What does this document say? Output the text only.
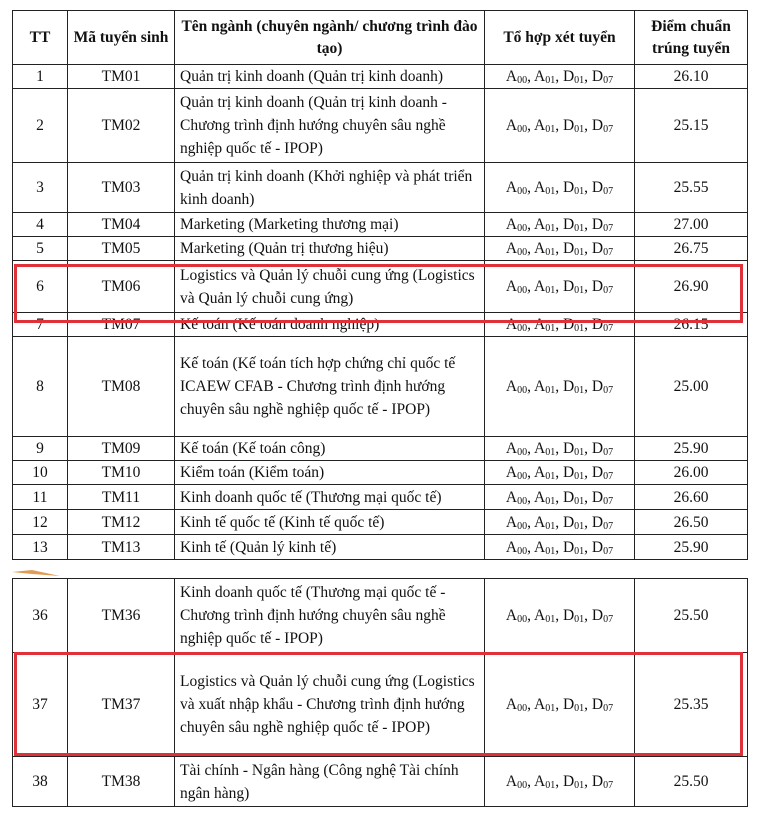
TT	Mã tuyển sinh	Tên ngành (chuyên ngành/ chương trình đào tạo)	Tổ hợp xét tuyển	Điểm chuẩn trúng tuyển
1	TM01	Quản trị kinh doanh (Quản trị kinh doanh)	$A_{00}$, $A_{01}$, $D_{01}$, $D_{07}$	26.10
2	TM02	Quản trị kinh doanh (Quản trị kinh doanh - Chương trình định hướng chuyên sâu nghề nghiệp quốc tế - IPOP)	$A_{00}$, $A_{01}$, $D_{01}$, $D_{07}$	25.15
3	TM03	Quản trị kinh doanh (Khởi nghiệp và phát triển kinh doanh)	$A_{00}$, $A_{01}$, $D_{01}$, $D_{07}$	25.55
4	TM04	Marketing (Marketing thương mại)	$A_{00}$, $A_{01}$, $D_{01}$, $D_{07}$	27.00
5	TM05	Marketing (Quản trị thương hiệu)	$A_{00}$, $A_{01}$, $D_{01}$, $D_{07}$	26.75
6	TM06	Logistics và Quản lý chuỗi cung ứng (Logistics và Quản lý chuỗi cung ứng)	$A_{00}$, $A_{01}$, $D_{01}$, $D_{07}$	26.90
7	TM07	Kế toán (Kế toán doanh nghiệp)	$A_{00}$, $A_{01}$, $D_{01}$, $D_{07}$	26.15
8	TM08	Kế toán (Kế toán tích hợp chứng chỉ quốc tế ICAEW CFAB - Chương trình định hướng chuyên sâu nghề nghiệp quốc tế - IPOP)	$A_{00}$, $A_{01}$, $D_{01}$, $D_{07}$	25.00
9	TM09	Kế toán (Kế toán công)	$A_{00}$, $A_{01}$, $D_{01}$, $D_{07}$	25.90
10	TM10	Kiểm toán (Kiểm toán)	$A_{00}$, $A_{01}$, $D_{01}$, $D_{07}$	26.00
11	TM11	Kinh doanh quốc tế (Thương mại quốc tế)	$A_{00}$, $A_{01}$, $D_{01}$, $D_{07}$	26.60
12	TM12	Kinh tế quốc tế (Kinh tế quốc tế)	$A_{00}$, $A_{01}$, $D_{01}$, $D_{07}$	26.50
13	TM13	Kinh tế (Quản lý kinh tế)	$A_{00}$, $A_{01}$, $D_{01}$, $D_{07}$	25.90
36	TM36	Kinh doanh quốc tế (Thương mại quốc tế - Chương trình định hướng chuyên sâu nghề nghiệp quốc tế - IPOP)	$A_{00}$, $A_{01}$, $D_{01}$, $D_{07}$	25.50
37	TM37	Logistics và Quản lý chuỗi cung ứng (Logistics và xuất nhập khẩu - Chương trình định hướng chuyên sâu nghề nghiệp quốc tế - IPOP)	$A_{00}$, $A_{01}$, $D_{01}$, $D_{07}$	25.35
38	TM38	Tài chính - Ngân hàng (Công nghệ Tài chính ngân hàng)	$A_{00}$, $A_{01}$, $D_{01}$, $D_{07}$	25.50
